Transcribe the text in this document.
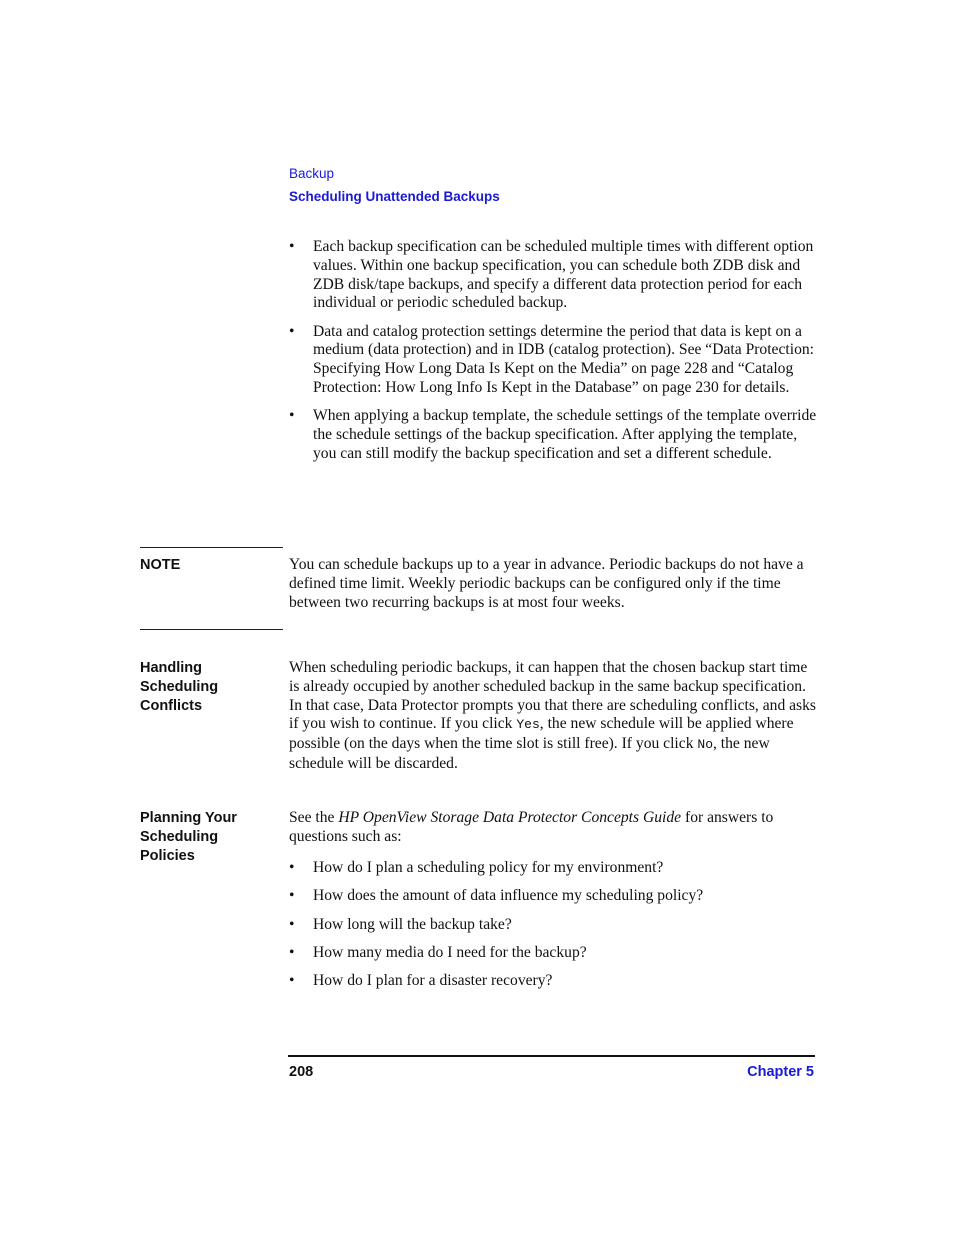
Backup
Scheduling Unattended Backups
• Each backup specification can be scheduled multiple times with different option values. Within one backup specification, you can schedule both ZDB disk and ZDB disk/tape backups, and specify a different data protection period for each individual or periodic scheduled backup.
• Data and catalog protection settings determine the period that data is kept on a medium (data protection) and in IDB (catalog protection). See “Data Protection: Specifying How Long Data Is Kept on the Media” on page 228 and “Catalog Protection: How Long Info Is Kept in the Database” on page 230 for details.
• When applying a backup template, the schedule settings of the template override the schedule settings of the backup specification. After applying the template, you can still modify the backup specification and set a different schedule.
NOTE	You can schedule backups up to a year in advance. Periodic backups do not have a defined time limit. Weekly periodic backups can be configured only if the time between two recurring backups is at most four weeks.

Handling
Scheduling
Conflicts

When scheduling periodic backups, it can happen that the chosen backup start time is already occupied by another scheduled backup in the same backup specification. In that case, Data Protector prompts you that there are scheduling conflicts, and asks if you wish to continue. If you click Yes, the new schedule will be applied where possible (on the days when the time slot is still free). If you click No, the new schedule will be discarded.

Planning Your
Scheduling
Policies

See the HP OpenView Storage Data Protector Concepts Guide for answers to questions such as:

• How do I plan a scheduling policy for my environment?
• How does the amount of data influence my scheduling policy?
• How long will the backup take?
• How many media do I need for the backup?
• How do I plan for a disaster recovery?
208	Chapter 5
